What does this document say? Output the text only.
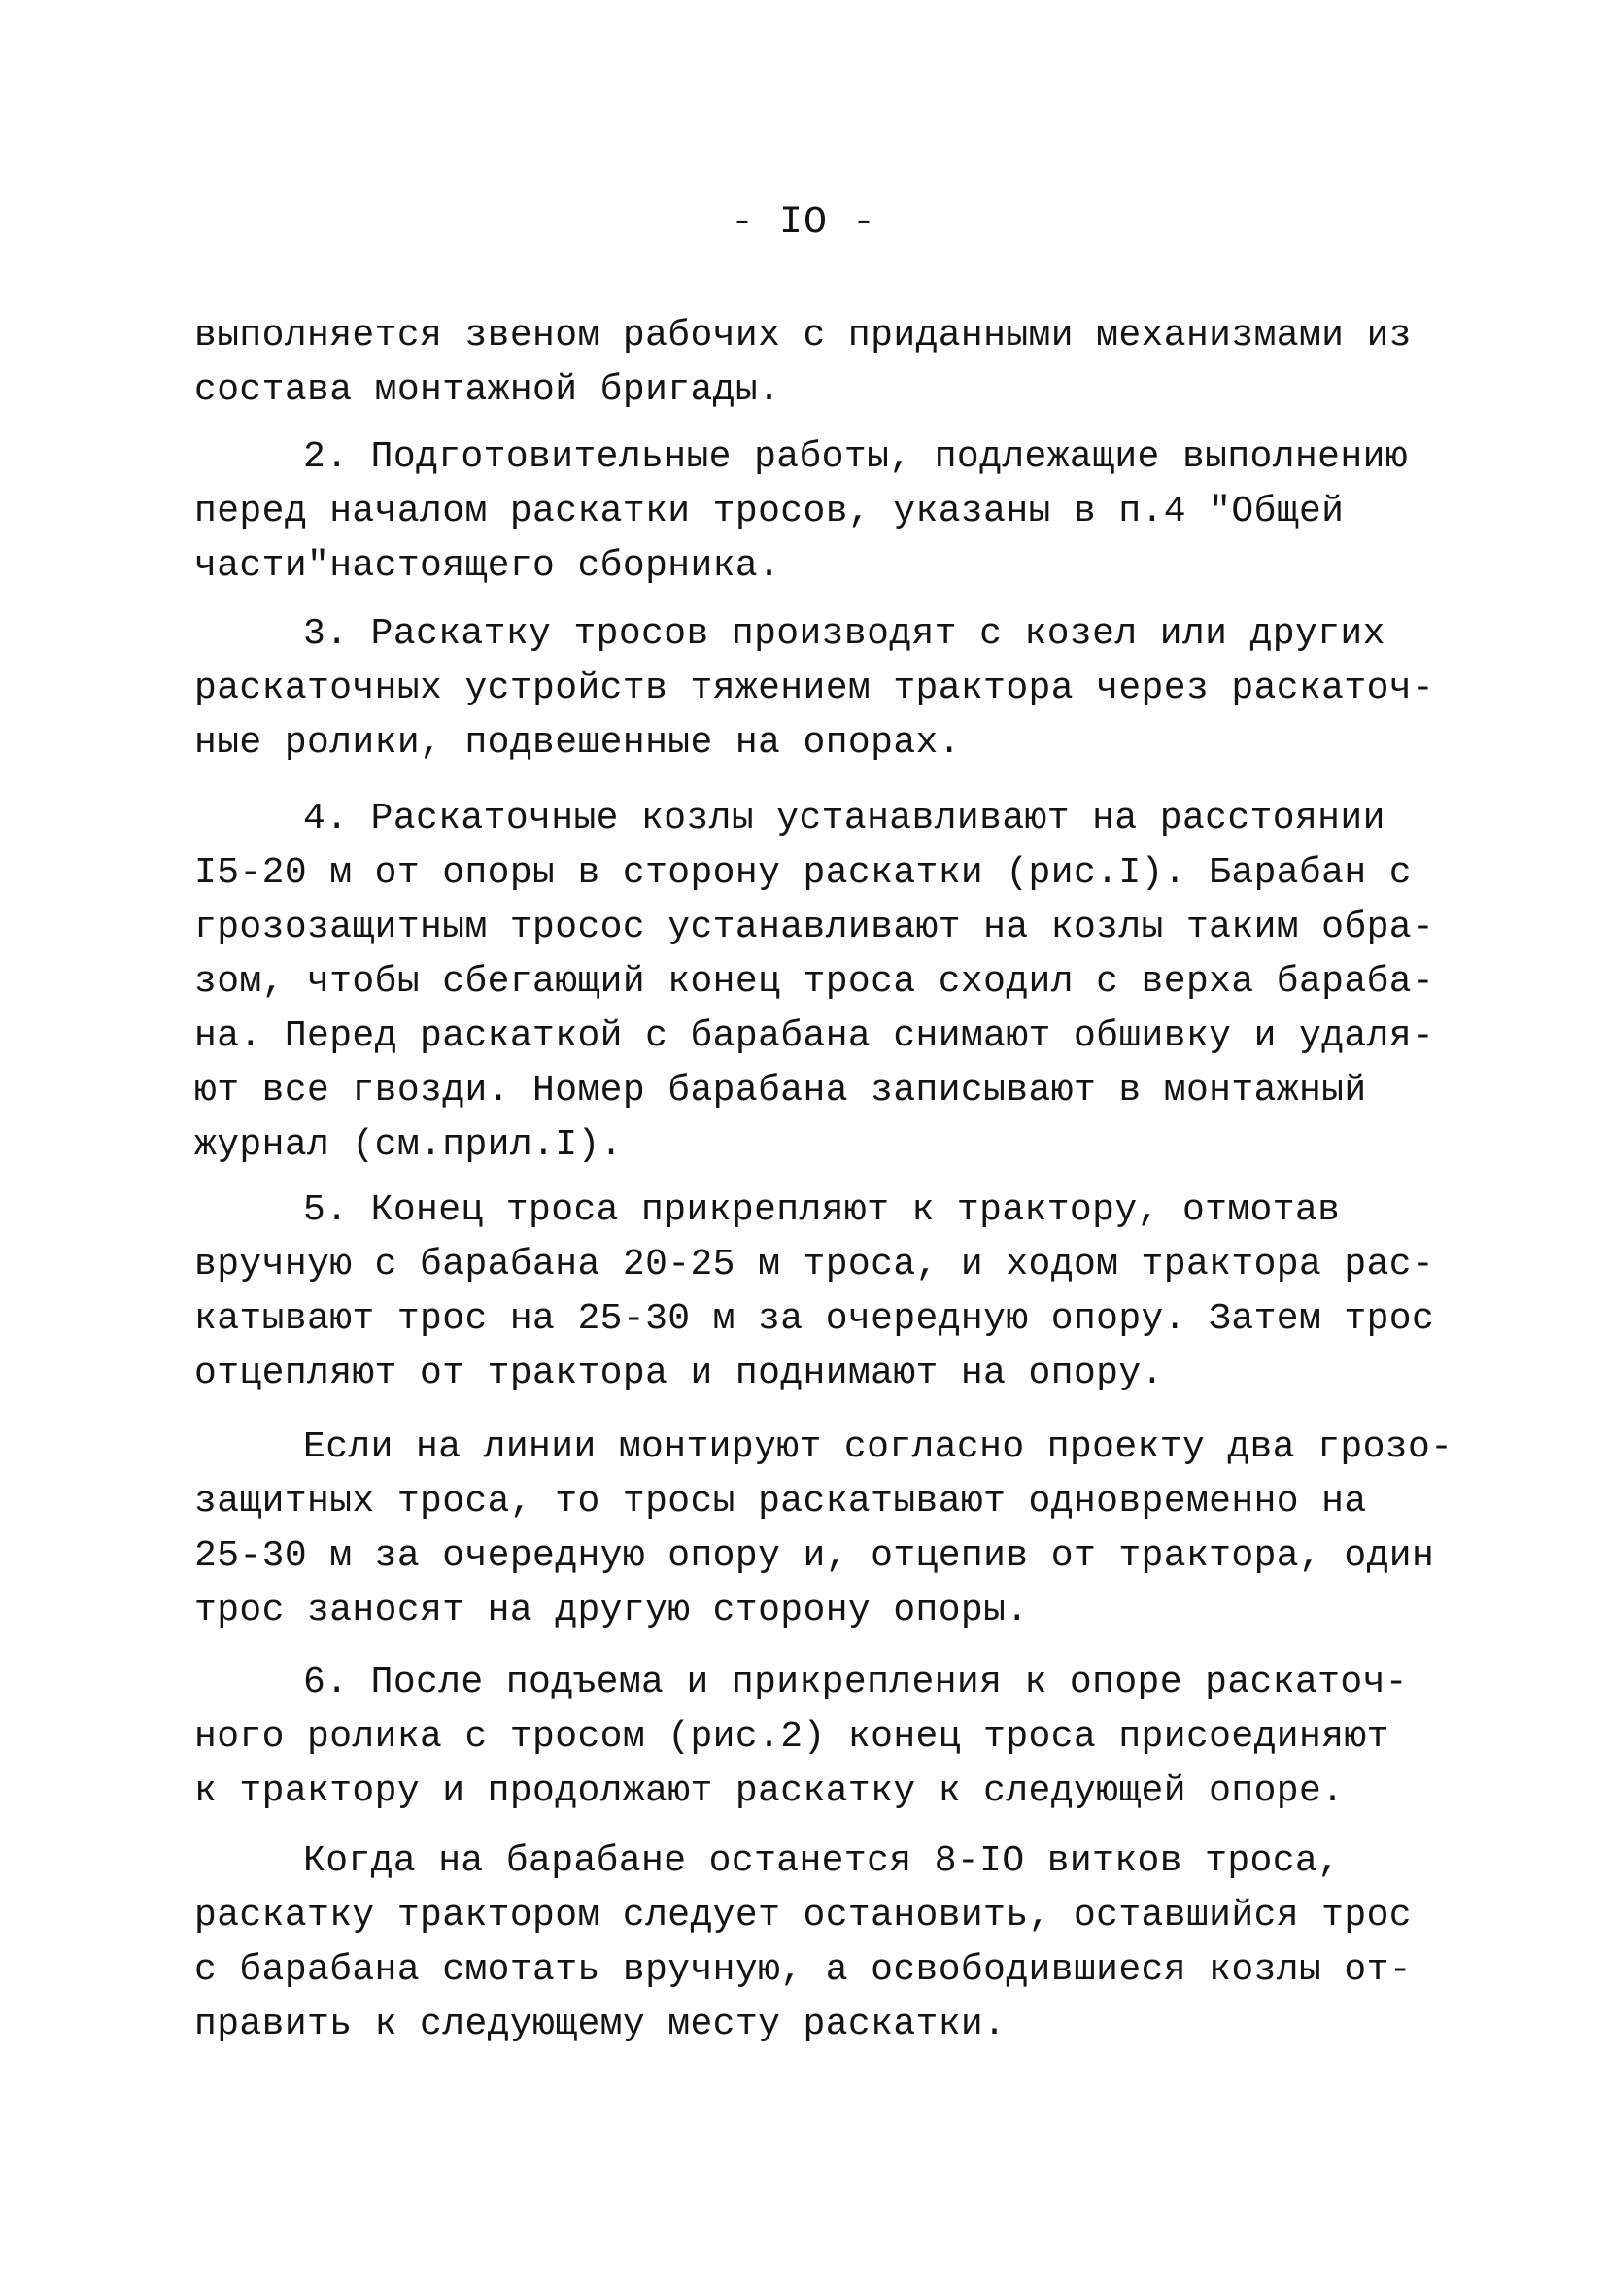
- IO -
выполняется звеном рабочих с приданными механизмами из
состава монтажной бригады.
2. Подготовительные работы, подлежащие выполнению
перед началом раскатки тросов, указаны в п.4 "Общей
части"настоящего сборника.
3. Раскатку тросов производят с козел или других
раскаточных устройств тяжением трактора через раскаточ-
ные ролики, подвешенные на опорах.
4. Раскаточные козлы устанавливают на расстоянии
I5-20 м от опоры в сторону раскатки (рис.I). Барабан с
грозозащитным тросос устанавливают на козлы таким обра-
зом, чтобы сбегающий конец троса сходил с верха бараба-
на. Перед раскаткой с барабана снимают обшивку и удаля-
ют все гвозди. Номер барабана записывают в монтажный
журнал (см.прил.I).
5. Конец троса прикрепляют к трактору, отмотав
вручную с барабана 20-25 м троса, и ходом трактора рас-
катывают трос на 25-30 м за очередную опору. Затем трос
отцепляют от трактора и поднимают на опору.
Если на линии монтируют согласно проекту два грозо-
защитных троса, то тросы раскатывают одновременно на
25-30 м за очередную опору и, отцепив от трактора, один
трос заносят на другую сторону опоры.
6. После подъема и прикрепления к опоре раскаточ-
ного ролика с тросом (рис.2) конец троса присоединяют
к трактору и продолжают раскатку к следующей опоре.
Когда на барабане останется 8-IO витков троса,
раскатку трактором следует остановить, оставшийся трос
с барабана смотать вручную, а освободившиеся козлы от-
править к следующему месту раскатки.
